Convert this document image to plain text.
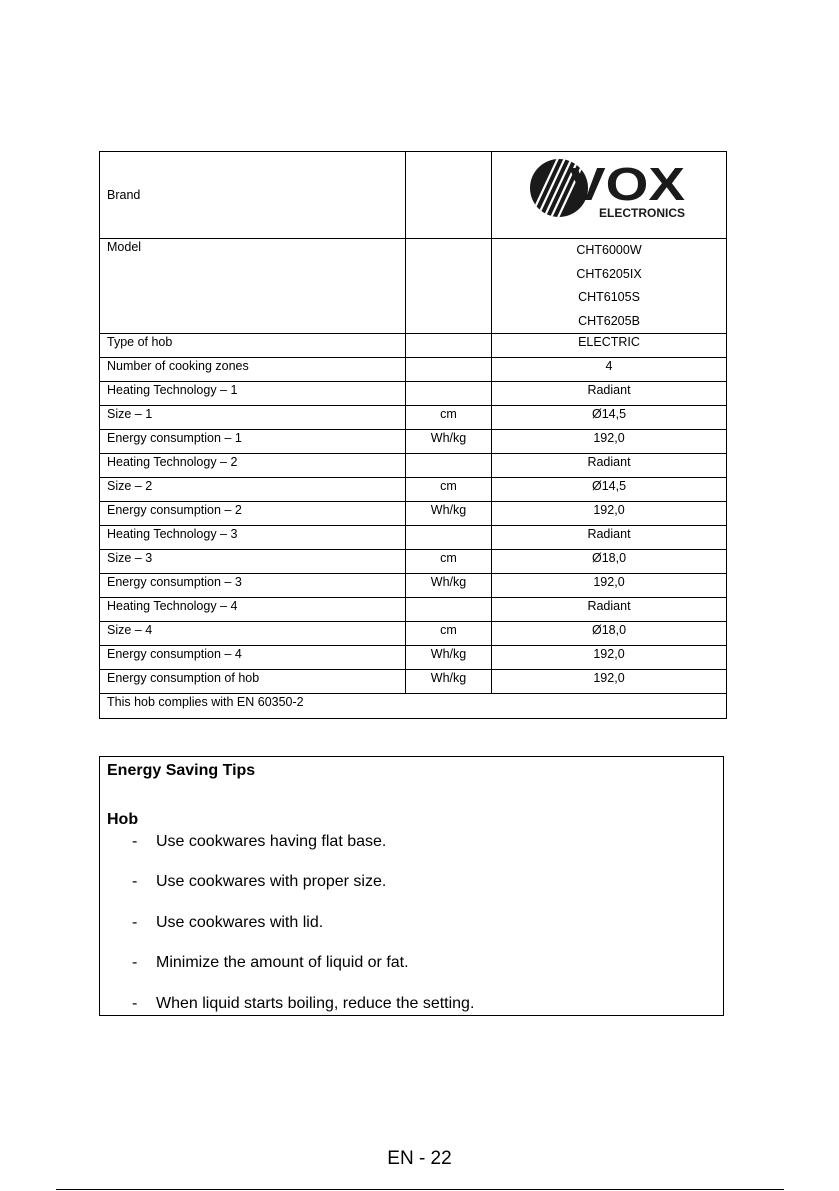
Brand		VOX
ELECTRONICS

Model		CHT6000W
CHT6205IX
CHT6105S
CHT6205B

Type of hob		ELECTRIC
Number of cooking zones		4
Heating Technology – 1		Radiant
Size – 1	cm	Ø14,5
Energy consumption – 1	Wh/kg	192,0
Heating Technology – 2		Radiant
Size – 2	cm	Ø14,5
Energy consumption – 2	Wh/kg	192,0
Heating Technology – 3		Radiant
Size – 3	cm	Ø18,0
Energy consumption – 3	Wh/kg	192,0
Heating Technology – 4		Radiant
Size – 4	cm	Ø18,0
Energy consumption – 4	Wh/kg	192,0
Energy consumption of hob	Wh/kg	192,0
This hob complies with EN 60350-2		
Energy Saving Tips
Hob
- Use cookwares having flat base.
- Use cookwares with proper size.
- Use cookwares with lid.
- Minimize the amount of liquid or fat.
- When liquid starts boiling, reduce the setting.
EN - 22
